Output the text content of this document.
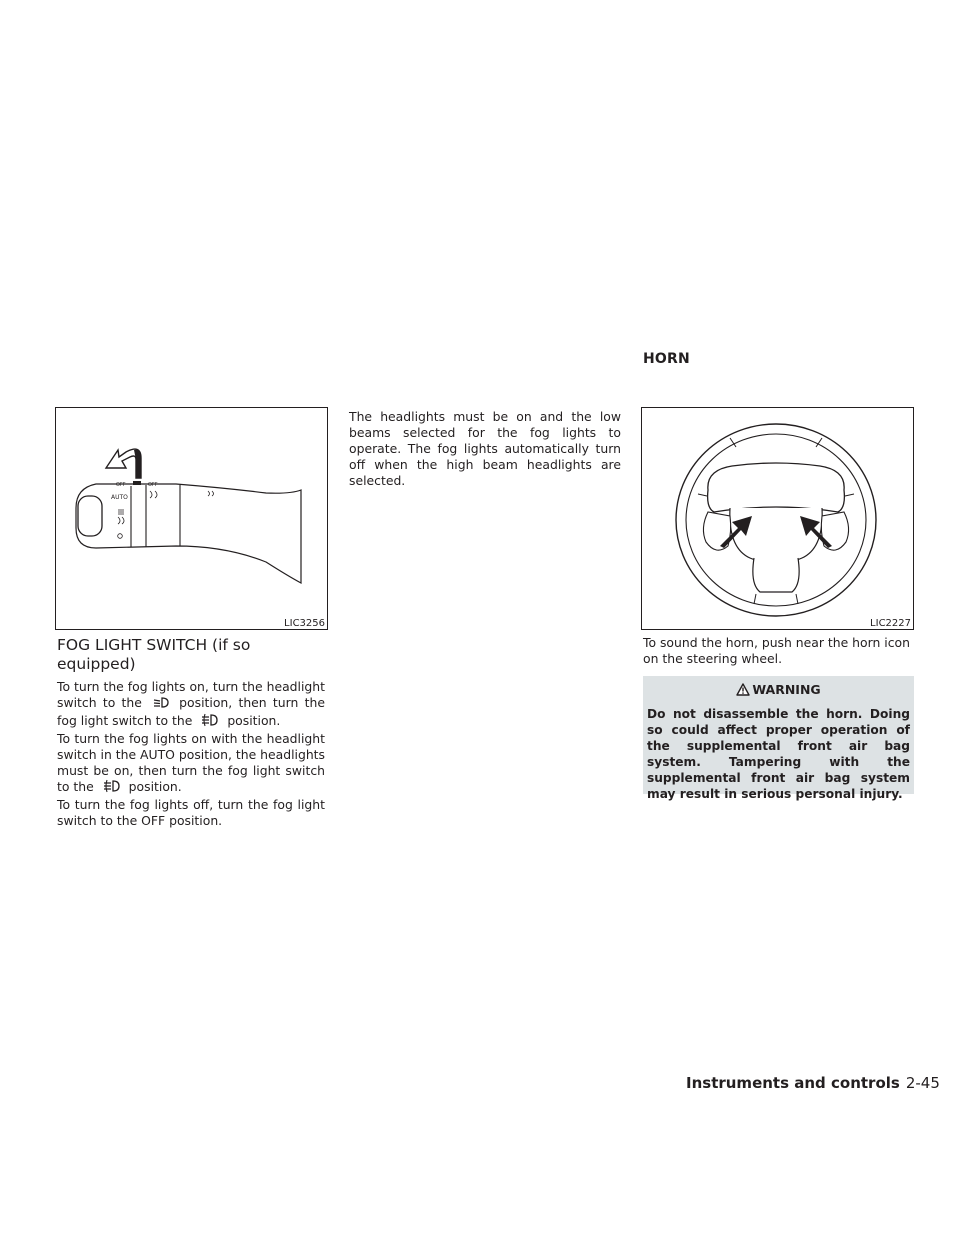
HORN
AUTO
OFF	OFF
LIC3256
FOG LIGHT SWITCH (if so equipped)

To turn the fog lights on, turn the headlight switch to the	position, then turn the fog light switch to the	position.

To turn the fog lights on with the headlight switch in the AUTO position, the headlights must be on, then turn the fog light switch to the	position.

To turn the fog lights off, turn the fog light switch to the OFF position.

The headlights must be on and the low beams selected for the fog lights to operate. The fog lights automatically turn off when the high beam headlights are selected.

LIC2227

To sound the horn, push near the horn icon on the steering wheel.

WARNING
Do not disassemble the horn. Doing so could affect proper operation of the supplemental front air bag system. Tampering with the supplemental front air bag system may result in serious personal injury.
Instruments and controls 2-45
